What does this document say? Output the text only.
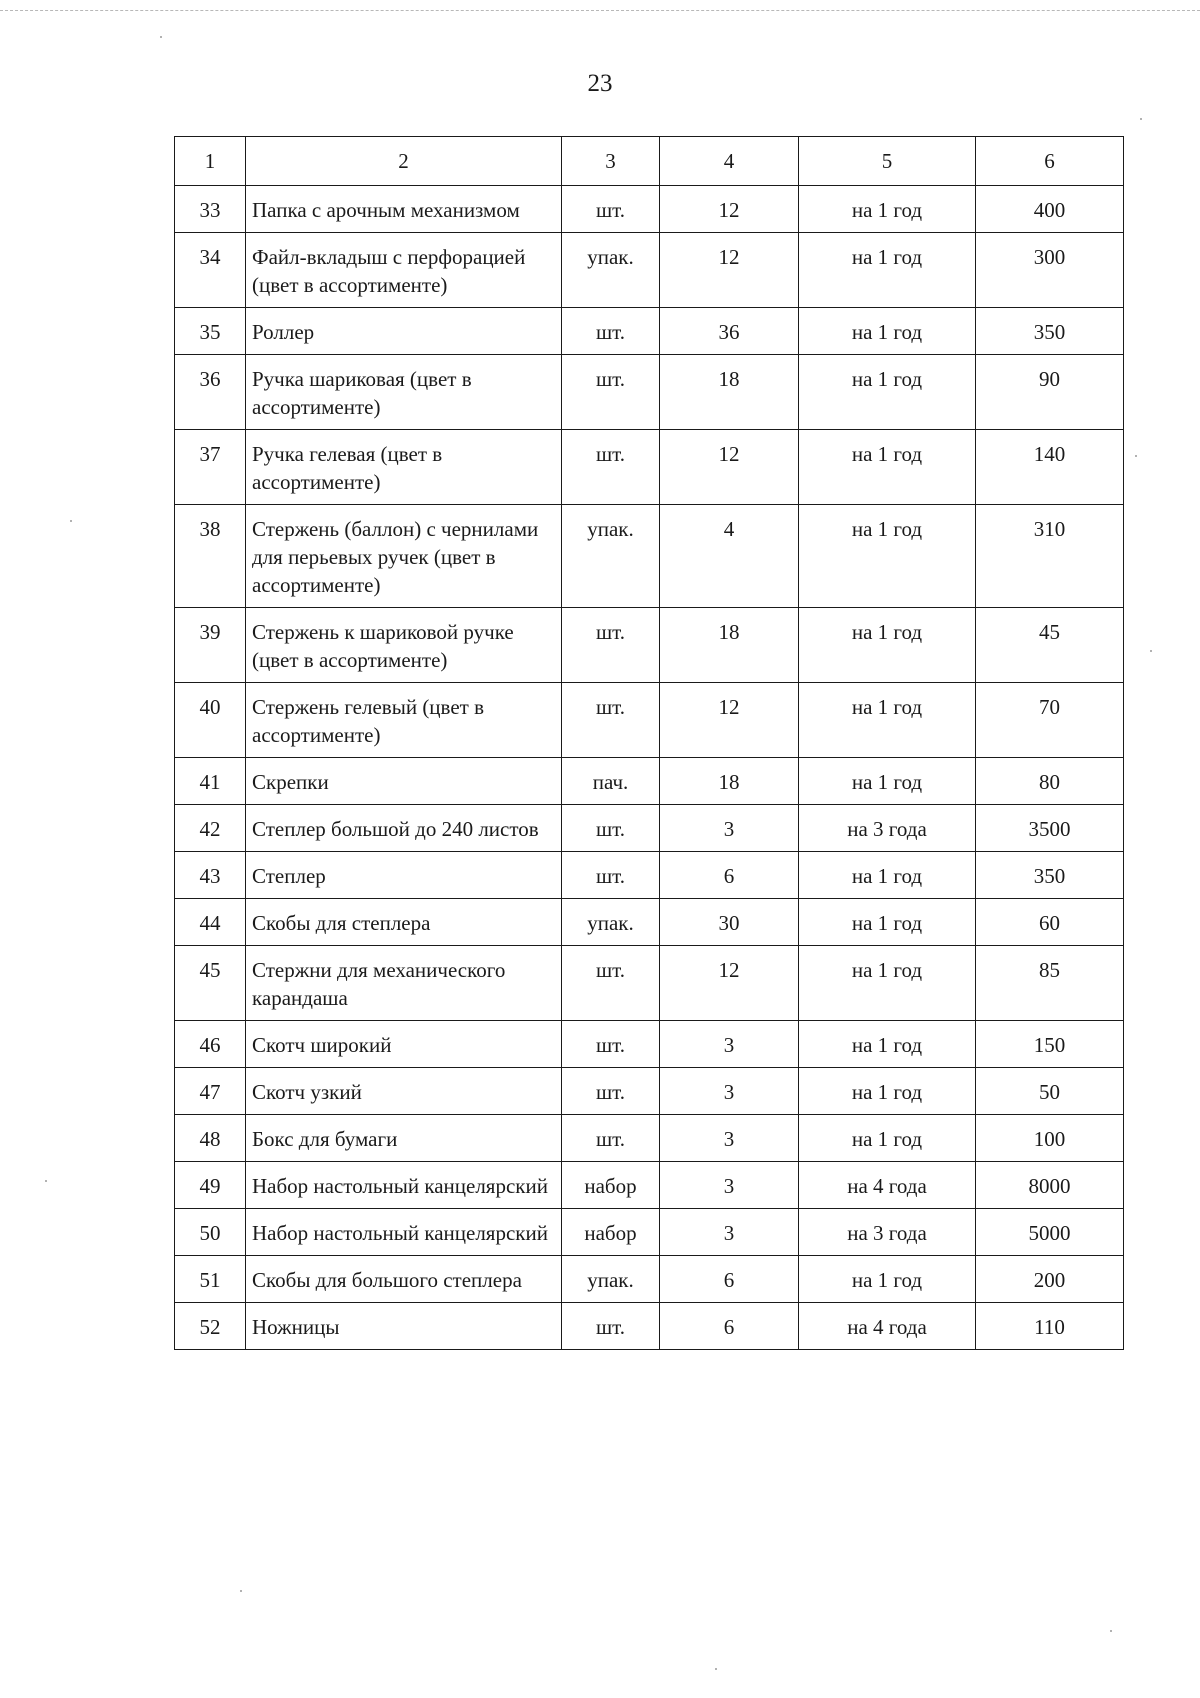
23
1	2	3	4	5	6
33	Папка с арочным механизмом	шт.	12	на 1 год	400
34	Файл-вкладыш с перфорацией (цвет в ассортименте)	упак.	12	на 1 год	300
35	Роллер	шт.	36	на 1 год	350
36	Ручка шариковая (цвет в ассортименте)	шт.	18	на 1 год	90
37	Ручка гелевая (цвет в ассортименте)	шт.	12	на 1 год	140
38	Стержень (баллон) с чернилами для перьевых ручек (цвет в ассортименте)	упак.	4	на 1 год	310
39	Стержень к шариковой ручке (цвет в ассортименте)	шт.	18	на 1 год	45
40	Стержень гелевый (цвет в ассортименте)	шт.	12	на 1 год	70
41	Скрепки	пач.	18	на 1 год	80
42	Степлер большой до 240 листов	шт.	3	на 3 года	3500
43	Степлер	шт.	6	на 1 год	350
44	Скобы для степлера	упак.	30	на 1 год	60
45	Стержни для механического карандаша	шт.	12	на 1 год	85
46	Скотч широкий	шт.	3	на 1 год	150
47	Скотч узкий	шт.	3	на 1 год	50
48	Бокс для бумаги	шт.	3	на 1 год	100
49	Набор настольный канцелярский	набор	3	на 4 года	8000
50	Набор настольный канцелярский	набор	3	на 3 года	5000
51	Скобы для большого степлера	упак.	6	на 1 год	200
52	Ножницы	шт.	6	на 4 года	110
